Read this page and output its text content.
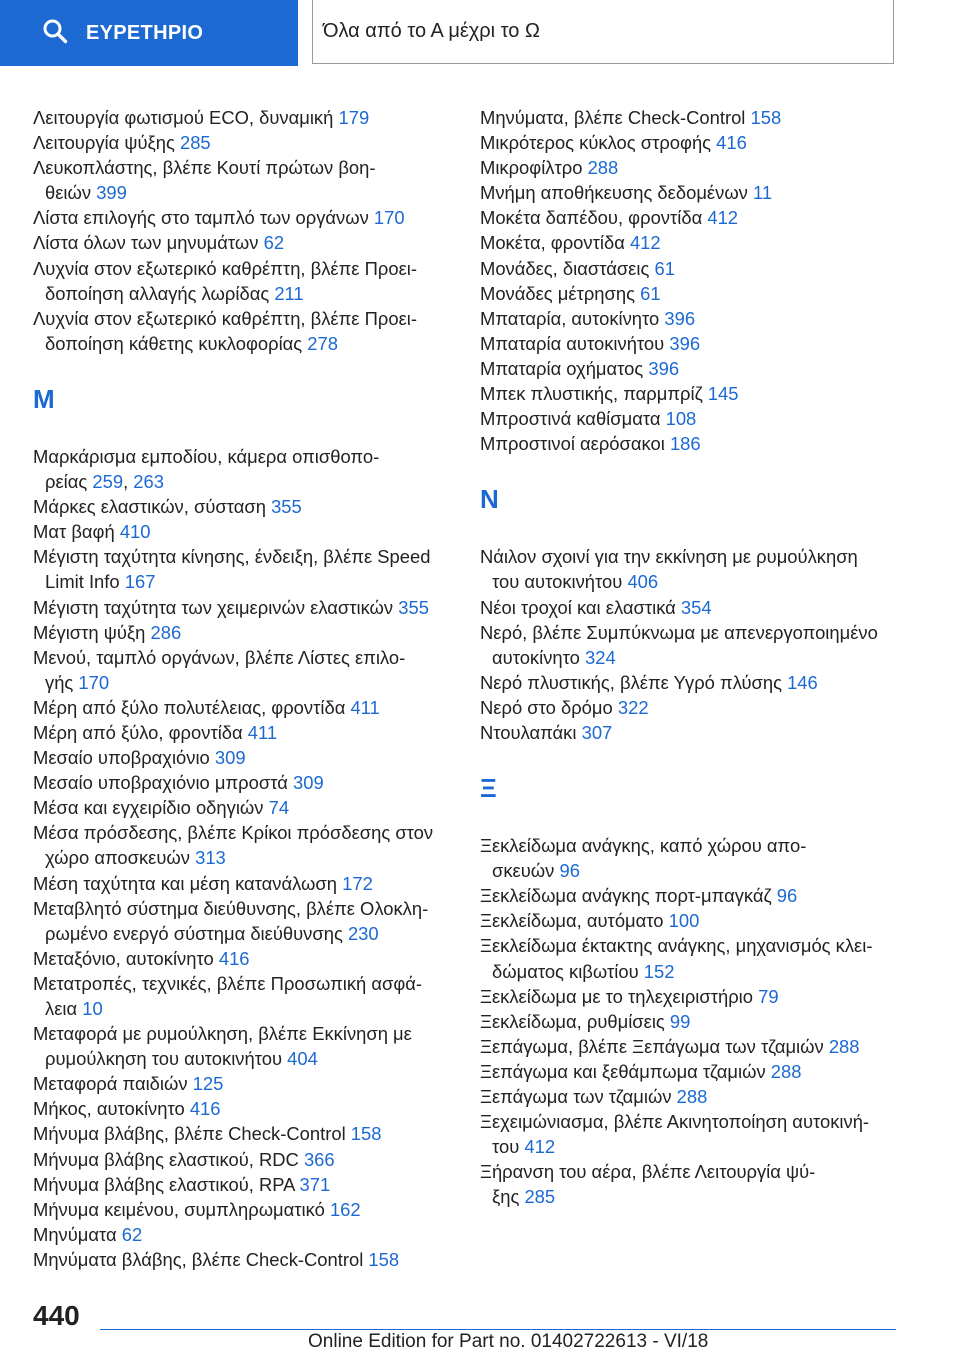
ΕΥΡΕΤΗΡΙΟ	Όλα από το Α μέχρι το Ω
Λειτουργία φωτισμού ECO, δυναμική 179
Λειτουργία ψύξης 285
Λευκοπλάστης, βλέπε Κουτί πρώτων βοη-
θειών 399
Λίστα επιλογής στο ταμπλό των οργάνων 170
Λίστα όλων των μηνυμάτων 62
Λυχνία στον εξωτερικό καθρέπτη, βλέπε Προει-
δοποίηση αλλαγής λωρίδας 211
Λυχνία στον εξωτερικό καθρέπτη, βλέπε Προει-
δοποίηση κάθετης κυκλοφορίας 278
Μ
Μαρκάρισμα εμποδίου, κάμερα οπισθοπο-
ρείας 259, 263
Μάρκες ελαστικών, σύσταση 355
Ματ βαφή 410
Μέγιστη ταχύτητα κίνησης, ένδειξη, βλέπε Speed
Limit Info 167
Μέγιστη ταχύτητα των χειμερινών ελαστικών 355
Μέγιστη ψύξη 286
Μενού, ταμπλό οργάνων, βλέπε Λίστες επιλο-
γής 170
Μέρη από ξύλο πολυτέλειας, φροντίδα 411
Μέρη από ξύλο, φροντίδα 411
Μεσαίο υποβραχιόνιο 309
Μεσαίο υποβραχιόνιο μπροστά 309
Μέσα και εγχειρίδιο οδηγιών 74
Μέσα πρόσδεσης, βλέπε Κρίκοι πρόσδεσης στον
χώρο αποσκευών 313
Μέση ταχύτητα και μέση κατανάλωση 172
Μεταβλητό σύστημα διεύθυνσης, βλέπε Ολοκλη-
ρωμένο ενεργό σύστημα διεύθυνσης 230
Μεταξόνιο, αυτοκίνητο 416
Μετατροπές, τεχνικές, βλέπε Προσωπική ασφά-
λεια 10
Μεταφορά με ρυμούλκηση, βλέπε Εκκίνηση με
ρυμούλκηση του αυτοκινήτου 404
Μεταφορά παιδιών 125
Μήκος, αυτοκίνητο 416
Μήνυμα βλάβης, βλέπε Check-Control 158
Μήνυμα βλάβης ελαστικού, RDC 366
Μήνυμα βλάβης ελαστικού, RPA 371
Μήνυμα κειμένου, συμπληρωματικό 162
Μηνύματα 62
Μηνύματα βλάβης, βλέπε Check-Control 158
Μηνύματα, βλέπε Check-Control 158
Μικρότερος κύκλος στροφής 416
Μικροφίλτρο 288
Μνήμη αποθήκευσης δεδομένων 11
Μοκέτα δαπέδου, φροντίδα 412
Μοκέτα, φροντίδα 412
Μονάδες, διαστάσεις 61
Μονάδες μέτρησης 61
Μπαταρία, αυτοκίνητο 396
Μπαταρία αυτοκινήτου 396
Μπαταρία οχήματος 396
Μπεκ πλυστικής, παρμπρίζ 145
Μπροστινά καθίσματα 108
Μπροστινοί αερόσακοι 186
Ν
Νάιλον σχοινί για την εκκίνηση με ρυμούλκηση
του αυτοκινήτου 406
Νέοι τροχοί και ελαστικά 354
Νερό, βλέπε Συμπύκνωμα με απενεργοποιημένο
αυτοκίνητο 324
Νερό πλυστικής, βλέπε Υγρό πλύσης 146
Νερό στο δρόμο 322
Ντουλαπάκι 307
Ξ
Ξεκλείδωμα ανάγκης, καπό χώρου απο-
σκευών 96
Ξεκλείδωμα ανάγκης πορτ-μπαγκάζ 96
Ξεκλείδωμα, αυτόματο 100
Ξεκλείδωμα έκτακτης ανάγκης, μηχανισμός κλει-
δώματος κιβωτίου 152
Ξεκλείδωμα με το τηλεχειριστήριο 79
Ξεκλείδωμα, ρυθμίσεις 99
Ξεπάγωμα, βλέπε Ξεπάγωμα των τζαμιών 288
Ξεπάγωμα και ξεθάμπωμα τζαμιών 288
Ξεπάγωμα των τζαμιών 288
Ξεχειμώνιασμα, βλέπε Ακινητοποίηση αυτοκινή-
του 412
Ξήρανση του αέρα, βλέπε Λειτουργία ψύ-
ξης 285
440
Online Edition for Part no. 01402722613 - VI/18
